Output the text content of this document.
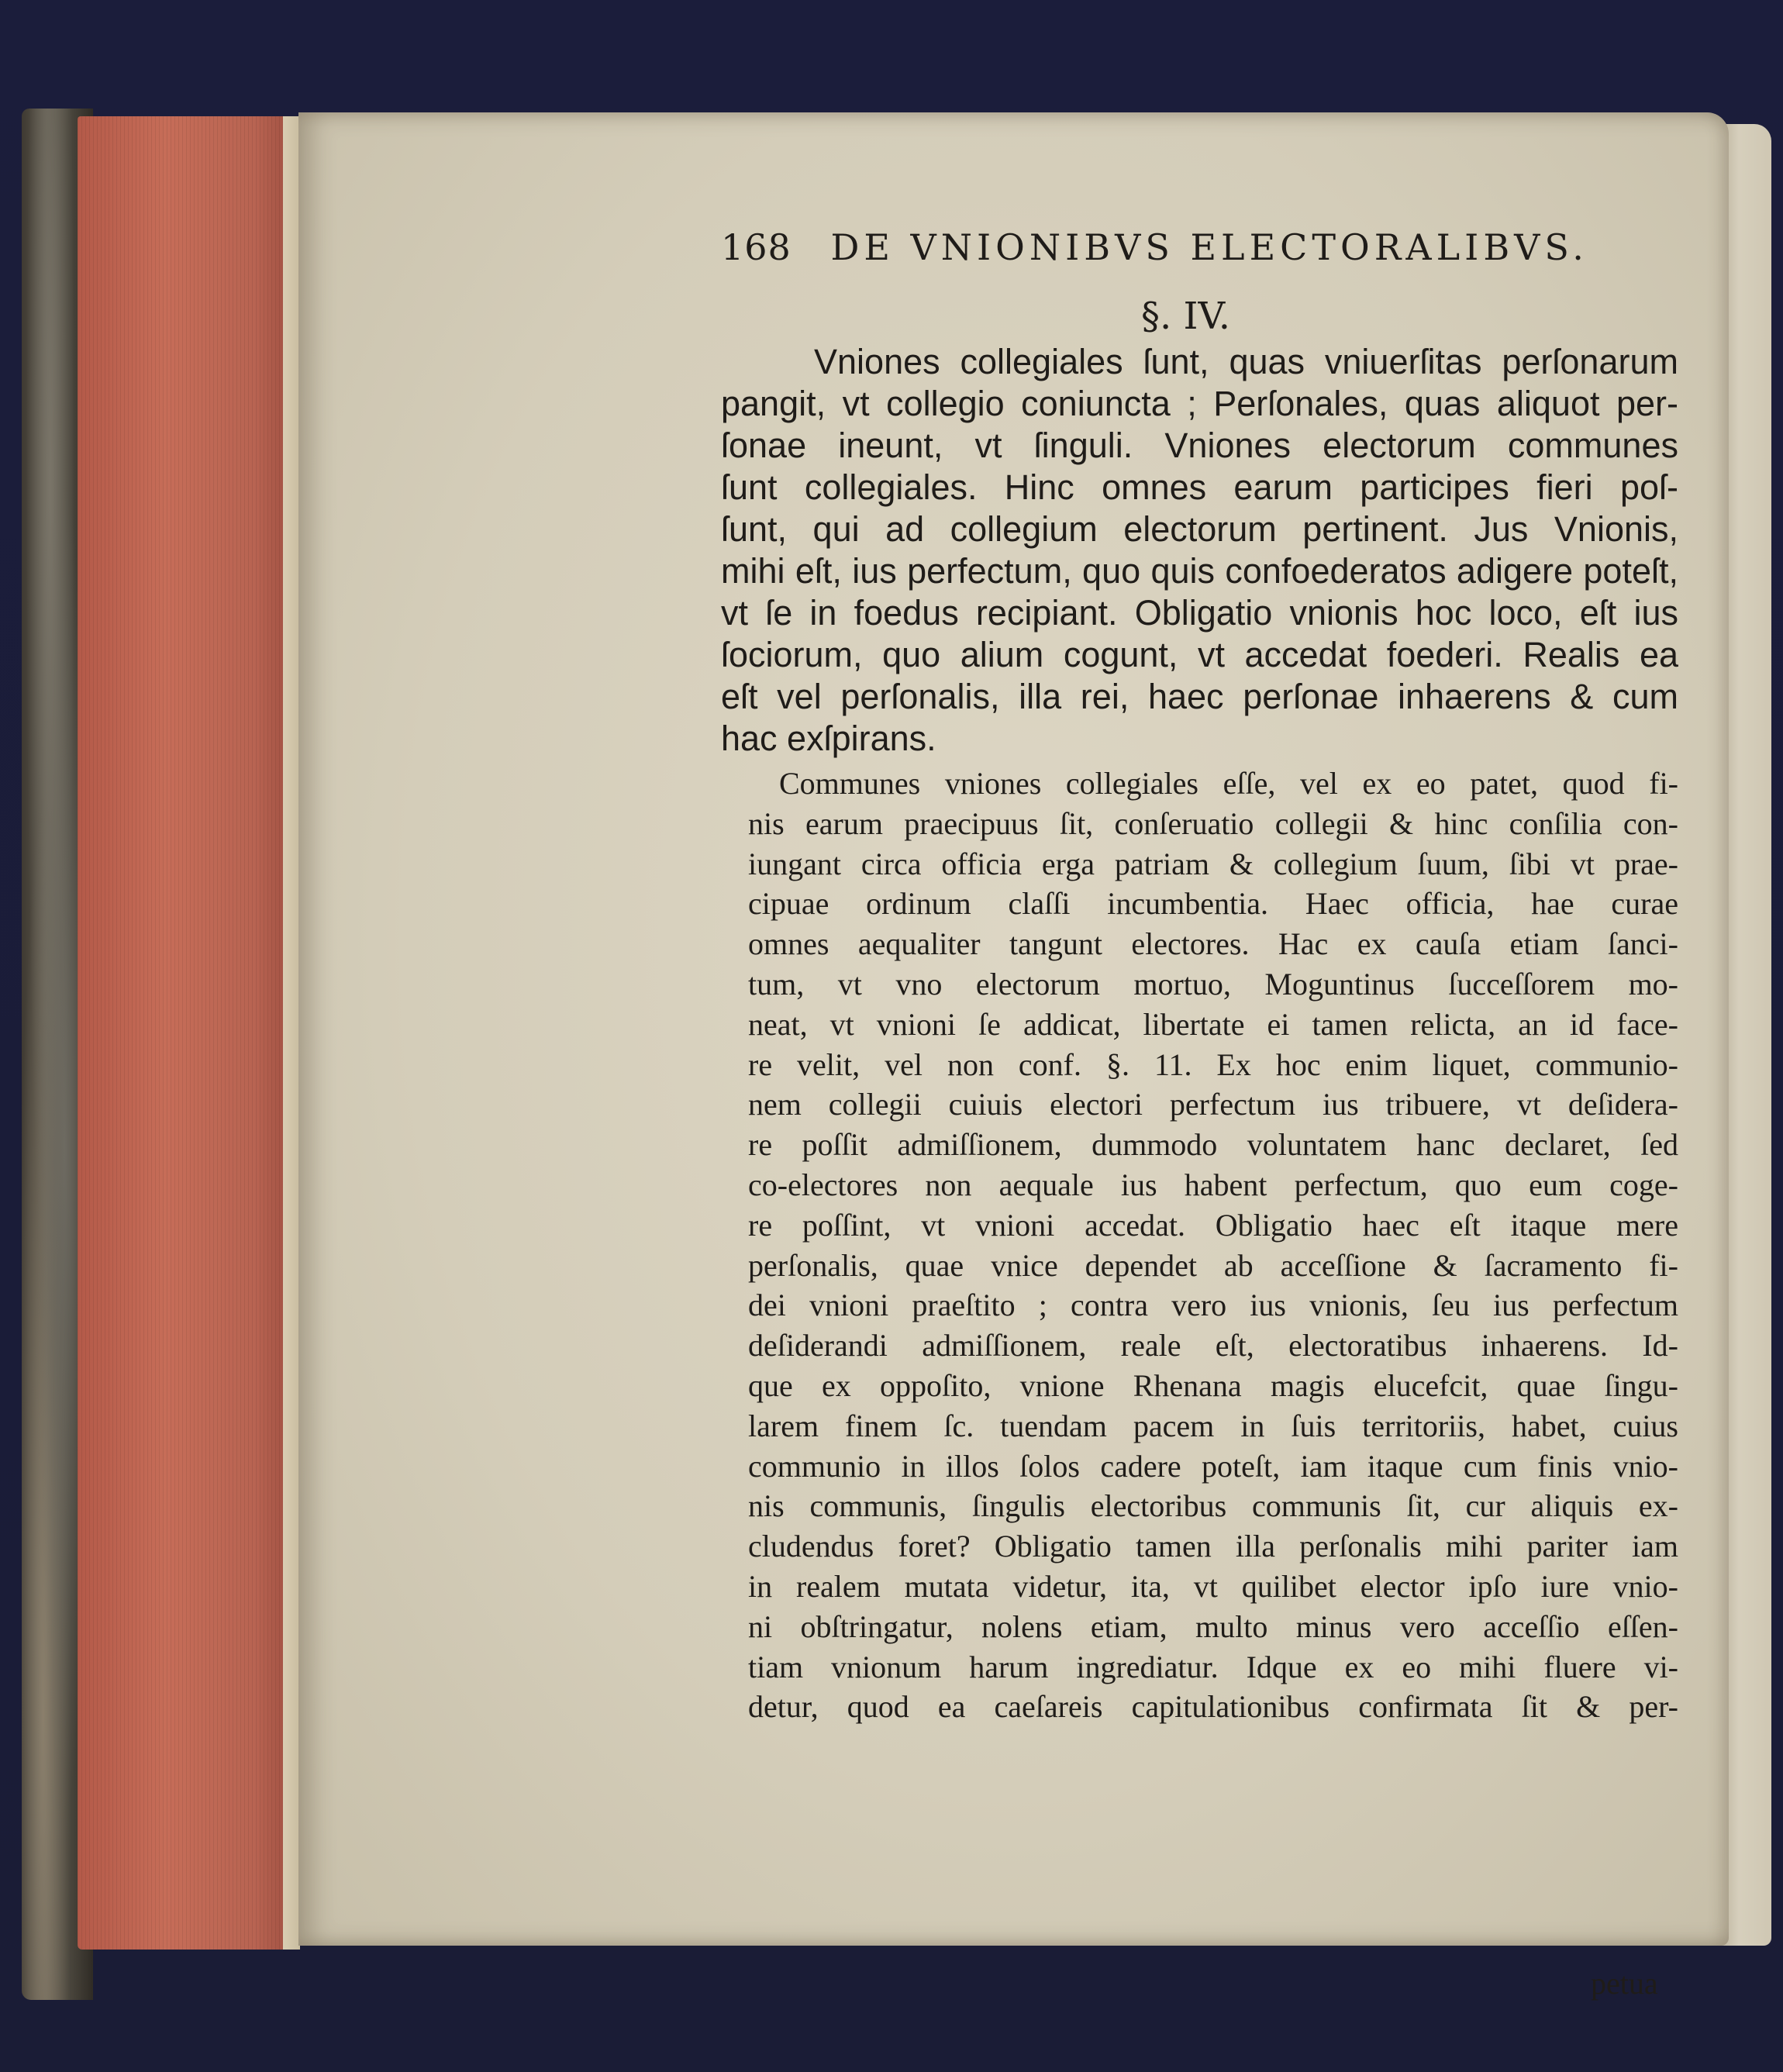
168 DE VNIONIBVS ELECTORALIBVS.
§. IV.
Vniones collegiales ſunt, quas vniuerſitas perſonarum
pangit, vt collegio coniuncta ; Perſonales, quas aliquot per-
ſonae ineunt, vt ſinguli. Vniones electorum communes
ſunt collegiales. Hinc omnes earum participes fieri poſ-
ſunt, qui ad collegium electorum pertinent. Jus Vnionis,
mihi eſt, ius perfectum, quo quis confoederatos adigere poteſt,
vt ſe in foedus recipiant. Obligatio vnionis hoc loco, eſt ius
ſociorum, quo alium cogunt, vt accedat foederi. Realis ea
eſt vel perſonalis, illa rei, haec perſonae inhaerens & cum
hac exſpirans.
Communes vniones collegiales eſſe, vel ex eo patet, quod fi-
nis earum praecipuus ſit, conſeruatio collegii & hinc conſilia con-
iungant circa officia erga patriam & collegium ſuum, ſibi vt prae-
cipuae ordinum claſſi incumbentia. Haec officia, hae curae
omnes aequaliter tangunt electores. Hac ex cauſa etiam ſanci-
tum, vt vno electorum mortuo, Moguntinus ſucceſſorem mo-
neat, vt vnioni ſe addicat, libertate ei tamen relicta, an id face-
re velit, vel non conf. §. 11. Ex hoc enim liquet, communio-
nem collegii cuiuis electori perfectum ius tribuere, vt deſidera-
re poſſit admiſſionem, dummodo voluntatem hanc declaret, ſed
co-electores non aequale ius habent perfectum, quo eum coge-
re poſſint, vt vnioni accedat. Obligatio haec eſt itaque mere
perſonalis, quae vnice dependet ab acceſſione & ſacramento fi-
dei vnioni praeſtito ; contra vero ius vnionis, ſeu ius perfectum
deſiderandi admiſſionem, reale eſt, electoratibus inhaerens. Id-
que ex oppoſito, vnione Rhenana magis elucefcit, quae ſingu-
larem finem ſc. tuendam pacem in ſuis territoriis, habet, cuius
communio in illos ſolos cadere poteſt, iam itaque cum finis vnio-
nis communis, ſingulis electoribus communis ſit, cur aliquis ex-
cludendus foret? Obligatio tamen illa perſonalis mihi pariter iam
in realem mutata videtur, ita, vt quilibet elector ipſo iure vnio-
ni obſtringatur, nolens etiam, multo minus vero acceſſio eſſen-
tiam vnionum harum ingrediatur. Idque ex eo mihi fluere vi-
detur, quod ea caeſareis capitulationibus confirmata ſit & per-
petua
